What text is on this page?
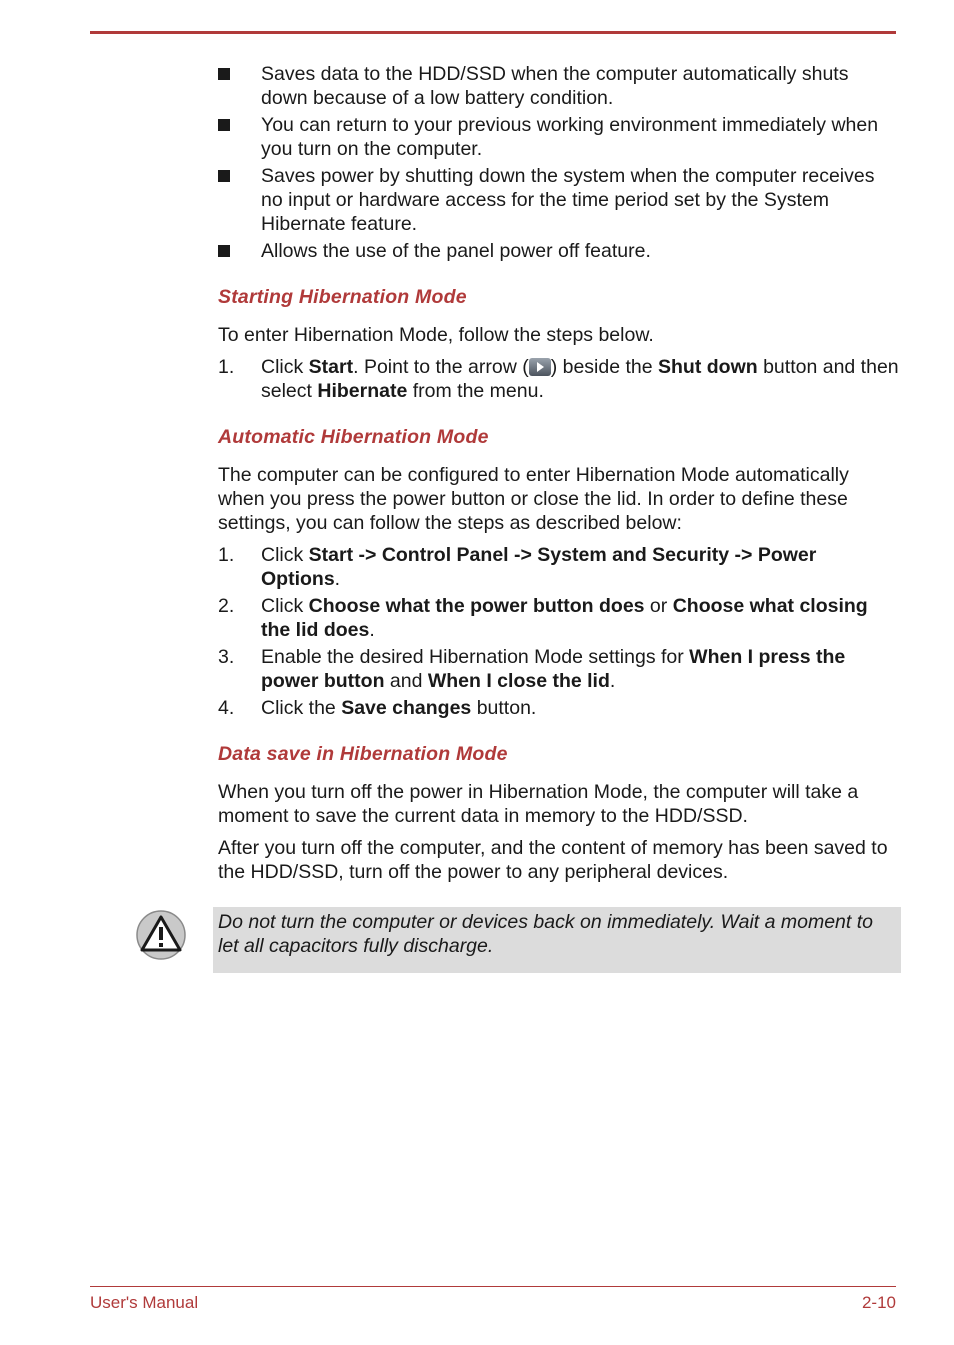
Saves data to the HDD/SSD when the computer automatically shuts down because of a low battery condition.
You can return to your previous working environment immediately when you turn on the computer.
Saves power by shutting down the system when the computer receives no input or hardware access for the time period set by the System Hibernate feature.
Allows the use of the panel power off feature.
Starting Hibernation Mode

To enter Hibernation Mode, follow the steps below.

1. Click Start. Point to the arrow ( ) beside the Shut down button and then select Hibernate from the menu.
Automatic Hibernation Mode

The computer can be configured to enter Hibernation Mode automatically when you press the power button or close the lid. In order to define these settings, you can follow the steps as described below:

1. Click Start -> Control Panel -> System and Security -> Power Options.
2. Click Choose what the power button does or Choose what closing the lid does.
3. Enable the desired Hibernation Mode settings for When I press the power button and When I close the lid.
4. Click the Save changes button.
Data save in Hibernation Mode

When you turn off the power in Hibernation Mode, the computer will take a moment to save the current data in memory to the HDD/SSD.

After you turn off the computer, and the content of memory has been saved to the HDD/SSD, turn off the power to any peripheral devices.

Do not turn the computer or devices back on immediately. Wait a moment to let all capacitors fully discharge.
User's Manual	2-10
